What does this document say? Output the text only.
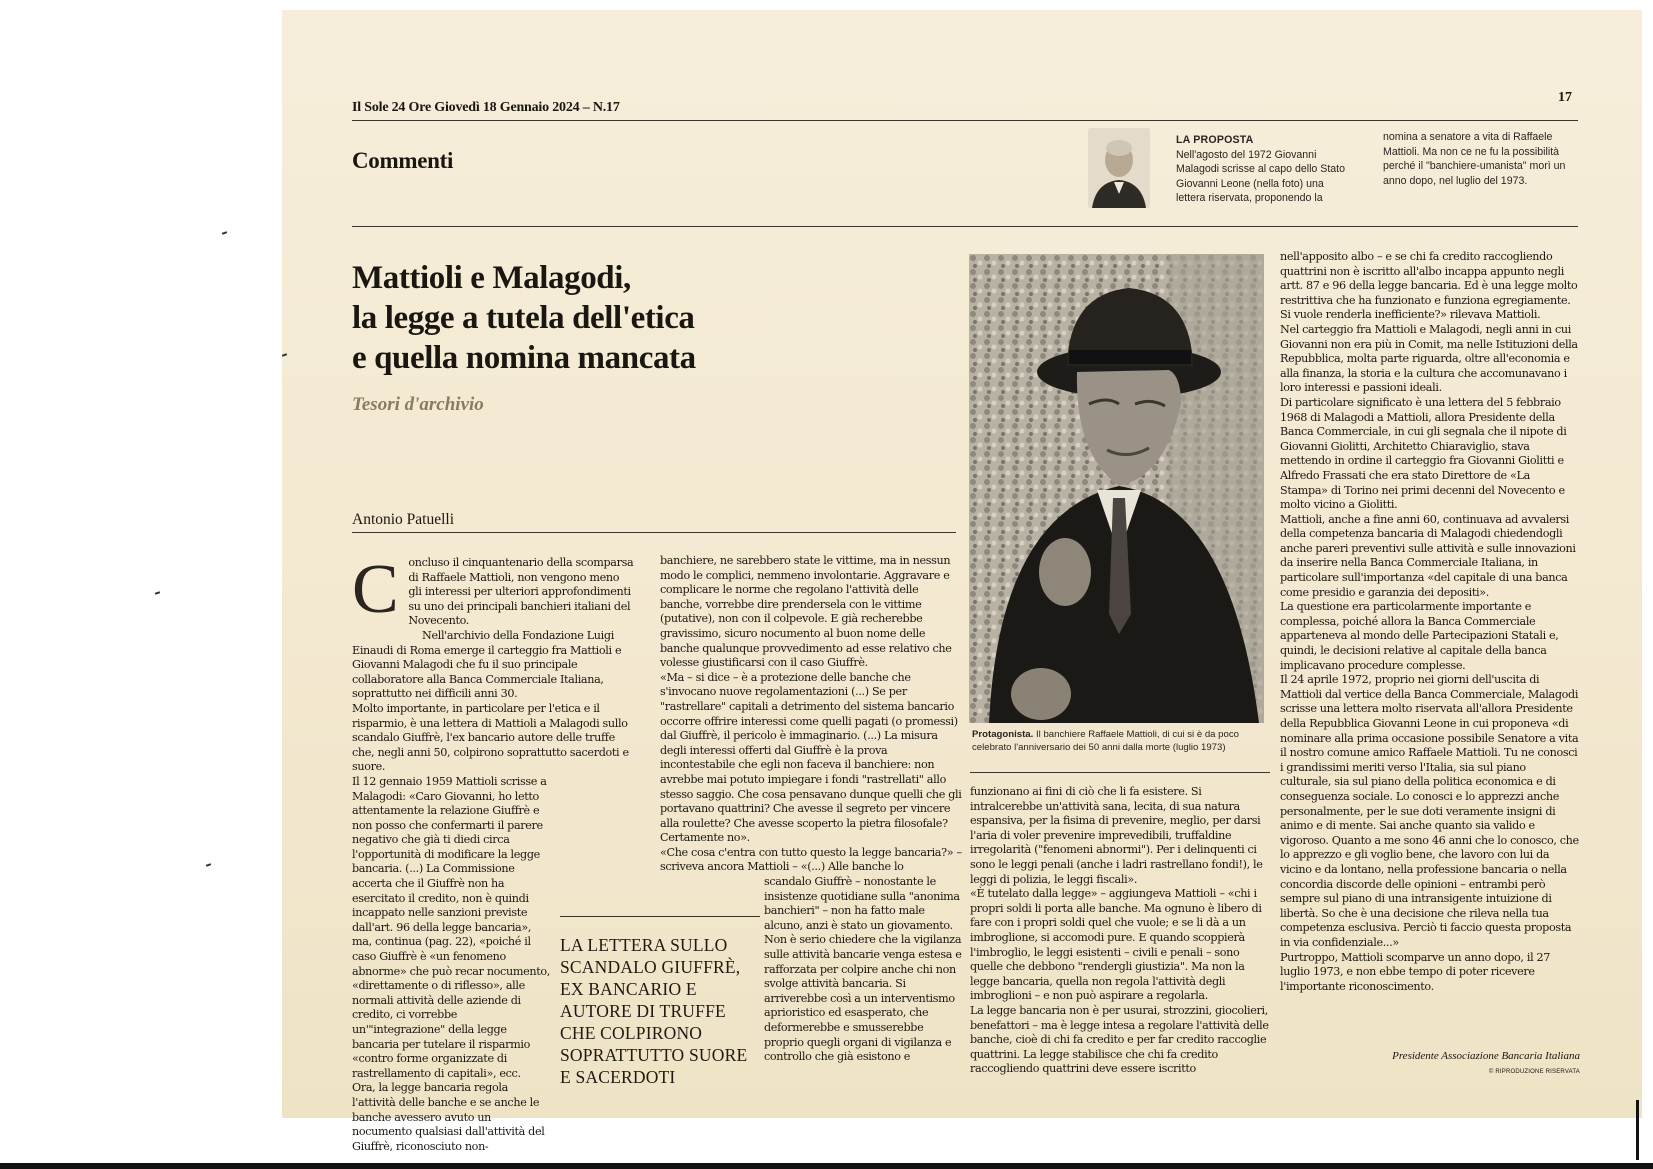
Il Sole 24 Ore Giovedì 18 Gennaio 2024 – N.17
17
Commenti
LA PROPOSTA
Nell'agosto del 1972 Giovanni Malagodi scrisse al capo dello Stato Giovanni Leone (nella foto) una lettera riservata, proponendo la
nomina a senatore a vita di Raffaele Mattioli. Ma non ce ne fu la possibilità perché il "banchiere-umanista" morì un anno dopo, nel luglio del 1973.
Mattioli e Malagodi,
la legge a tutela dell'etica
e quella nomina mancata
Tesori d'archivio
Antonio Patuelli
C oncluso il cinquantenario della scomparsa di Raffaele Mattioli, non vengono meno gli interessi per ulteriori approfondimenti su uno dei principali banchieri italiani del Novecento.

Nell'archivio della Fondazione Luigi Einaudi di Roma emerge il carteggio fra Mattioli e Giovanni Malagodi che fu il suo principale collaboratore alla Banca Commerciale Italiana, soprattutto nei difficili anni 30.

Molto importante, in particolare per l'etica e il risparmio, è una lettera di Mattioli a Malagodi sullo scandalo Giuffrè, l'ex bancario autore delle truffe che, negli anni 50, colpirono soprattutto sacerdoti e suore.

Il 12 gennaio 1959 Mattioli scrisse a Malagodi: «Caro Giovanni, ho letto attentamente la relazione Giuffrè e non posso che confermarti il parere negativo che già ti diedi circa l'opportunità di modificare la legge bancaria. (...) La Commissione accerta che il Giuffrè non ha esercitato il credito, non è quindi incappato nelle sanzioni previste dall'art. 96 della legge bancaria», ma, continua (pag. 22), «poiché il caso Giuffrè è «un fenomeno abnorme» che può recar nocumento, «direttamente o di riflesso», alle normali attività delle aziende di credito, ci vorrebbe un'"integrazione" della legge bancaria per tutelare il risparmio «contro forme organizzate di rastrellamento di capitali», ecc.

Ora, la legge bancaria regola l'attività delle banche e se anche le banche avessero avuto un nocumento qualsiasi dall'attività del Giuffrè, riconosciuto non-

banchiere, ne sarebbero state le vittime, ma in nessun modo le complici, nemmeno involontarie. Aggravare e complicare le norme che regolano l'attività delle banche, vorrebbe dire prendersela con le vittime (putative), non con il colpevole. E già recherebbe gravissimo, sicuro nocumento al buon nome delle banche qualunque provvedimento ad esse relativo che volesse giustificarsi con il caso Giuffrè.

«Ma – si dice – è a protezione delle banche che s'invocano nuove regolamentazioni (...) Se per "rastrellare" capitali a detrimento del sistema bancario occorre offrire interessi come quelli pagati (o promessi) dal Giuffrè, il pericolo è immaginario. (...) La misura degli interessi offerti dal Giuffrè è la prova incontestabile che egli non faceva il banchiere: non avrebbe mai potuto impiegare i fondi "rastrellati" allo stesso saggio. Che cosa pensavano dunque quelli che gli portavano quattrini? Che avesse il segreto per vincere alla roulette? Che avesse scoperto la pietra filosofale? Certamente no».

«Che cosa c'entra con tutto questo la legge bancaria?» – scriveva ancora Mattioli – «(...) Alle banche lo

scandalo Giuffrè – nonostante le insistenze quotidiane sulla "anonima banchieri" – non ha fatto male alcuno, anzi è stato un giovamento. Non è serio chiedere che la vigilanza sulle attività bancarie venga estesa e rafforzata per colpire anche chi non svolge attività bancaria. Si arriverebbe così a un interventismo aprioristico ed esasperato, che deformerebbe e smusserebbe proprio quegli organi di vigilanza e controllo che già esistono e

LA LETTERA SULLO SCANDALO GIUFFRÈ, EX BANCARIO E AUTORE DI TRUFFE CHE COLPIRONO SOPRATTUTTO SUORE E SACERDOTI
Protagonista. Il banchiere Raffaele Mattioli, di cui si è da poco celebrato l'anniversario dei 50 anni dalla morte (luglio 1973)

funzionano ai fini di ciò che li fa esistere. Si intralcerebbe un'attività sana, lecita, di sua natura espansiva, per la fisima di prevenire, meglio, per darsi l'aria di voler prevenire imprevedibili, truffaldine irregolarità ("fenomeni abnormi"). Per i delinquenti ci sono le leggi penali (anche i ladri rastrellano fondi!), le leggi di polizia, le leggi fiscali».

«È tutelato dalla legge» – aggiungeva Mattioli – «chi i propri soldi li porta alle banche. Ma ognuno è libero di fare con i propri soldi quel che vuole; e se li dà a un imbroglione, si accomodi pure. E quando scoppierà l'imbroglio, le leggi esistenti – civili e penali – sono quelle che debbono "rendergli giustizia". Ma non la legge bancaria, quella non regola l'attività degli imbroglioni – e non può aspirare a regolarla.

La legge bancaria non è per usurai, strozzini, giocolieri, benefattori – ma è legge intesa a regolare l'attività delle banche, cioè di chi fa credito e per far credito raccoglie quattrini. La legge stabilisce che chi fa credito raccogliendo quattrini deve essere iscritto

nell'apposito albo – e se chi fa credito raccogliendo quattrini non è iscritto all'albo incappa appunto negli artt. 87 e 96 della legge bancaria. Ed è una legge molto restrittiva che ha funzionato e funziona egregiamente. Si vuole renderla inefficiente?» rilevava Mattioli.

Nel carteggio fra Mattioli e Malagodi, negli anni in cui Giovanni non era più in Comit, ma nelle Istituzioni della Repubblica, molta parte riguarda, oltre all'economia e alla finanza, la storia e la cultura che accomunavano i loro interessi e passioni ideali.

Di particolare significato è una lettera del 5 febbraio 1968 di Malagodi a Mattioli, allora Presidente della Banca Commerciale, in cui gli segnala che il nipote di Giovanni Giolitti, Architetto Chiaraviglio, stava mettendo in ordine il carteggio fra Giovanni Giolitti e Alfredo Frassati che era stato Direttore de «La Stampa» di Torino nei primi decenni del Novecento e molto vicino a Giolitti.

Mattioli, anche a fine anni 60, continuava ad avvalersi della competenza bancaria di Malagodi chiedendogli anche pareri preventivi sulle attività e sulle innovazioni da inserire nella Banca Commerciale Italiana, in particolare sull'importanza «del capitale di una banca come presidio e garanzia dei depositi».

La questione era particolarmente importante e complessa, poiché allora la Banca Commerciale apparteneva al mondo delle Partecipazioni Statali e, quindi, le decisioni relative al capitale della banca implicavano procedure complesse.

Il 24 aprile 1972, proprio nei giorni dell'uscita di Mattioli dal vertice della Banca Commerciale, Malagodi scrisse una lettera molto riservata all'allora Presidente della Repubblica Giovanni Leone in cui proponeva «di nominare alla prima occasione possibile Senatore a vita il nostro comune amico Raffaele Mattioli. Tu ne conosci i grandissimi meriti verso l'Italia, sia sul piano culturale, sia sul piano della politica economica e di conseguenza sociale. Lo conosci e lo apprezzi anche personalmente, per le sue doti veramente insigni di animo e di mente. Sai anche quanto sia valido e vigoroso. Quanto a me sono 46 anni che lo conosco, che lo apprezzo e gli voglio bene, che lavoro con lui da vicino e da lontano, nella professione bancaria o nella concordia discorde delle opinioni – entrambi però sempre sul piano di una intransigente intuizione di libertà. So che è una decisione che rileva nella tua competenza esclusiva. Perciò ti faccio questa proposta in via confidenziale...»

Purtroppo, Mattioli scomparve un anno dopo, il 27 luglio 1973, e non ebbe tempo di poter ricevere l'importante riconoscimento.

Presidente Associazione Bancaria Italiana
© RIPRODUZIONE RISERVATA
